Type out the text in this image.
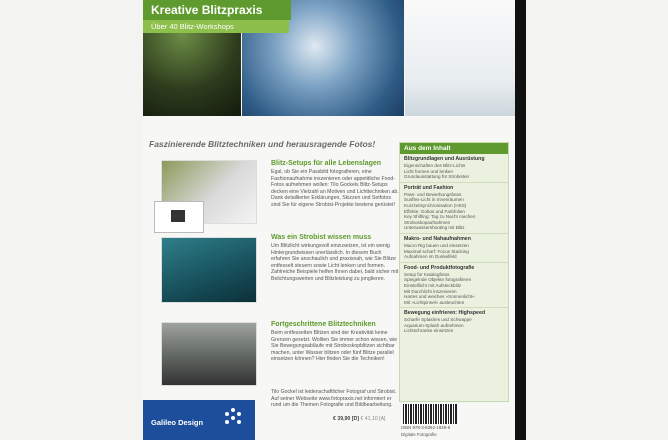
Kreative Blitzpraxis
Über 40 Blitz-Workshops
Faszinierende Blitztechniken und herausragende Fotos!
Blitz-Setups für alle Lebenslagen

Egal, ob Sie ein Passbild fotografieren, eine Fashionaufnahme inszenieren oder appetitliche Food-Fotos aufnehmen wollen: Tilo Gockels Blitz-Setups decken eine Vielzahl an Motiven und Lichttechniken ab. Dank detaillierter Erklärungen, Skizzen und Setfotos sind Sie für eigene Strobist-Projekte bestens gerüstet!

Was ein Strobist wissen muss

Um Blitzlicht wirkungsvoll einzusetzen, ist ein wenig Hintergrundwissen unerlässlich. In diesem Buch erfahren Sie anschaulich und praxisnah, wie Sie Blitze entfesselt steuern sowie Licht lenken und formen. Zahlreiche Beispiele helfen Ihnen dabei, bald sicher mit Belichtungswerten und Blitzleistung zu jonglieren.

Fortgeschrittene Blitztechniken

Beim entfesselten Blitzen sind der Kreativität keine Grenzen gesetzt. Wollten Sie immer schon wissen, wie Sie Bewegungsabläufe mit Stroboskopblitzen sichtbar machen, unter Wasser blitzen oder fünf Blitze parallel einsetzen können? Hier finden Sie die Techniken!

Tilo Gockel ist leidenschaftlicher Fotograf und Strobist. Auf seiner Webseite www.fotopraxis.net informiert er rund um die Themen Fotografie und Bildbearbeitung.

Aus dem Inhalt
Blitzgrundlagen und Ausrüstung
Eigenschaften des Blitz-Lichts
Licht formen und lenken
Grundausstattung für Strobisten
Porträt und Fashion
Pass- und Bewerbungsfotos
Sunflex-Licht in Innenräumen
Kurzzeitsynchronisation (HSS)
Effekte: Gobos und Farbfolien
Key Shifting: Tag zu Nacht machen
Stroboskopaufnahmen
Unterwassershooting mit Blitz
Makro- und Nahaufnahmen
Macro Rig bauen und einsetzen
Maximal scharf: Focus Stacking
Aufnahmen im Dunkelfeld
Food- und Produktfotografie
Setup für Katalogfotos
Spiegelnde Objekte fotografieren
Einstelllicht mit Aufsteckblitz
Mit Durchlicht inszenieren
Hartes und weiches »Sonnenlicht«
Mit »Lichtpinsel« ausleuchten
Bewegung einfrieren: Highspeed
Scharfe Splashes und Schwappe
Aquarium-Splash aufnehmen
Lichtschranke einsetzen
Galileo Design	€ 39,90 [D] € 41,10 [A]
ISBN 978-3-8362-1849-8
Digitale Fotografie
